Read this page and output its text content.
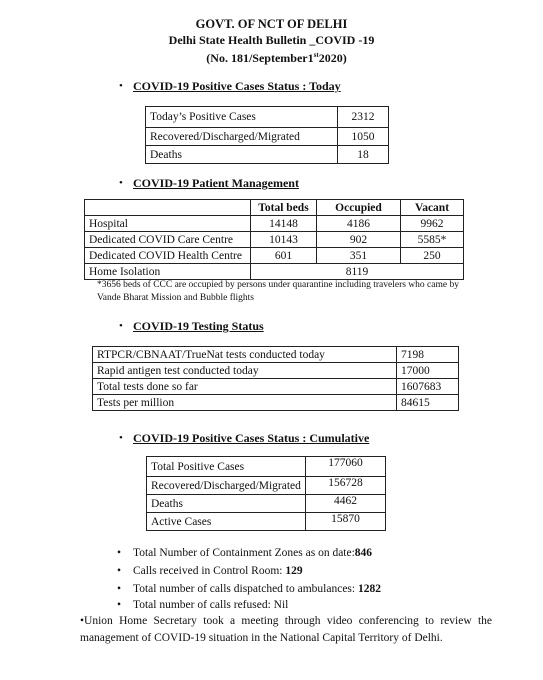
GOVT. OF NCT OF DELHI
Delhi State Health Bulletin _COVID -19
(No. 181/September1st2020)
• COVID-19 Positive Cases Status : Today
Today’s Positive Cases	2312
Recovered/Discharged/Migrated	1050
Deaths	18
• COVID-19 Patient Management
	Total beds	Occupied	Vacant
Hospital	14148	4186	9962
Dedicated COVID Care Centre	10143	902	5585*
Dedicated COVID Health Centre	601	351	250
Home Isolation	8119		
*3656 beds of CCC are occupied by persons under quarantine including travelers who came by Vande Bharat Mission and Bubble flights
• COVID-19 Testing Status
RTPCR/CBNAAT/TrueNat tests conducted today	7198
Rapid antigen test conducted today	17000
Total tests done so far	1607683
Tests per million	84615
• COVID-19 Positive Cases Status : Cumulative
Total Positive Cases	177060
Recovered/Discharged/Migrated	156728
Deaths	4462
Active Cases	15870
• Total Number of Containment Zones as on date:846
• Calls received in Control Room: 129
• Total number of calls dispatched to ambulances: 1282
• Total number of calls refused: Nil
•Union Home Secretary took a meeting through video conferencing to review the management of COVID-19 situation in the National Capital Territory of Delhi.
